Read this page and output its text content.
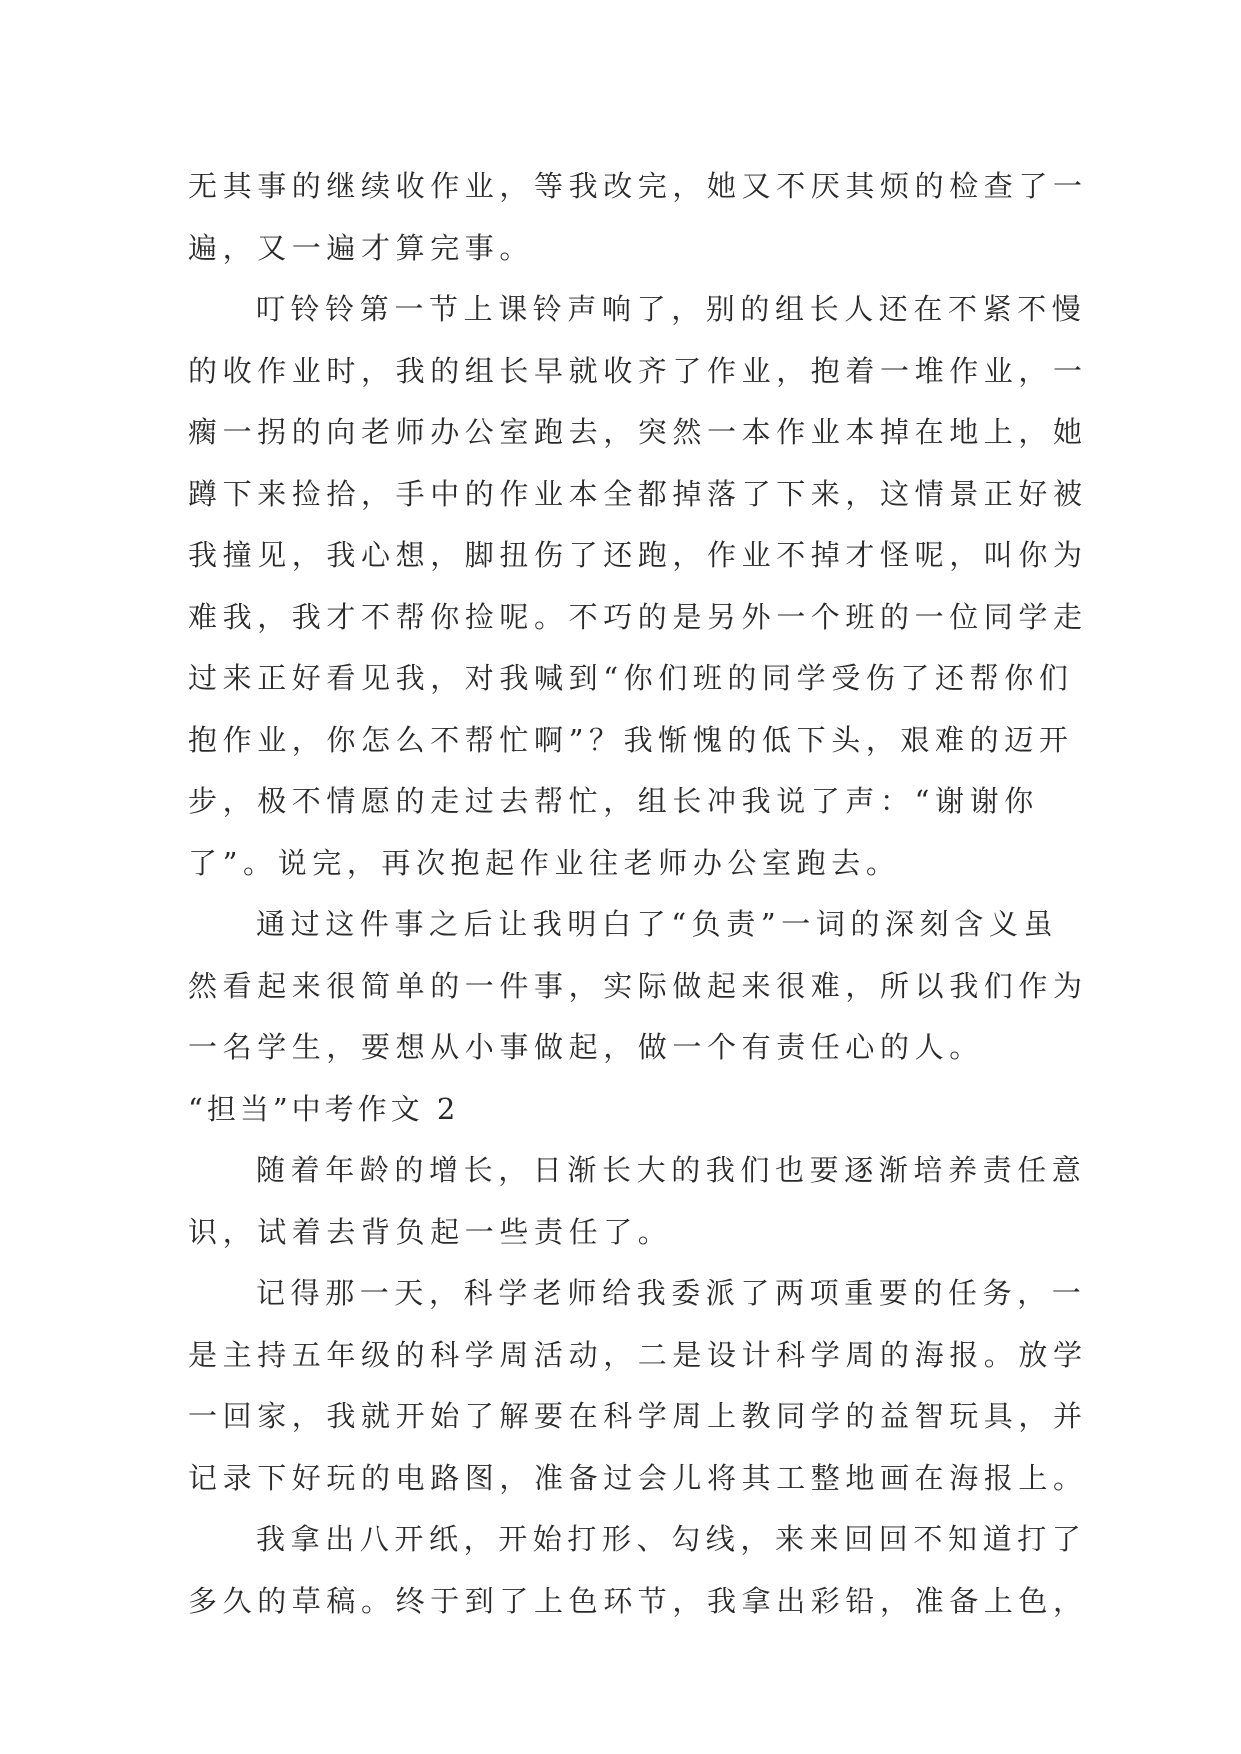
无其事的继续收作业，等我改完，她又不厌其烦的检查了一
遍，又一遍才算完事。
叮铃铃第一节上课铃声响了，别的组长人还在不紧不慢
的收作业时，我的组长早就收齐了作业，抱着一堆作业，一
瘸一拐的向老师办公室跑去，突然一本作业本掉在地上，她
蹲下来捡拾，手中的作业本全都掉落了下来，这情景正好被
我撞见，我心想，脚扭伤了还跑，作业不掉才怪呢，叫你为
难我，我才不帮你捡呢。不巧的是另外一个班的一位同学走
过来正好看见我，对我喊到“你们班的同学受伤了还帮你们
抱作业，你怎么不帮忙啊”？我惭愧的低下头，艰难的迈开
步，极不情愿的走过去帮忙，组长冲我说了声：“谢谢你
了”。说完，再次抱起作业往老师办公室跑去。
通过这件事之后让我明白了“负责”一词的深刻含义虽
然看起来很简单的一件事，实际做起来很难，所以我们作为
一名学生，要想从小事做起，做一个有责任心的人。
“担当”中考作文 2
随着年龄的增长，日渐长大的我们也要逐渐培养责任意
识，试着去背负起一些责任了。
记得那一天，科学老师给我委派了两项重要的任务，一
是主持五年级的科学周活动，二是设计科学周的海报。放学
一回家，我就开始了解要在科学周上教同学的益智玩具，并
记录下好玩的电路图，准备过会儿将其工整地画在海报上。
我拿出八开纸，开始打形、勾线，来来回回不知道打了
多久的草稿。终于到了上色环节，我拿出彩铅，准备上色，
